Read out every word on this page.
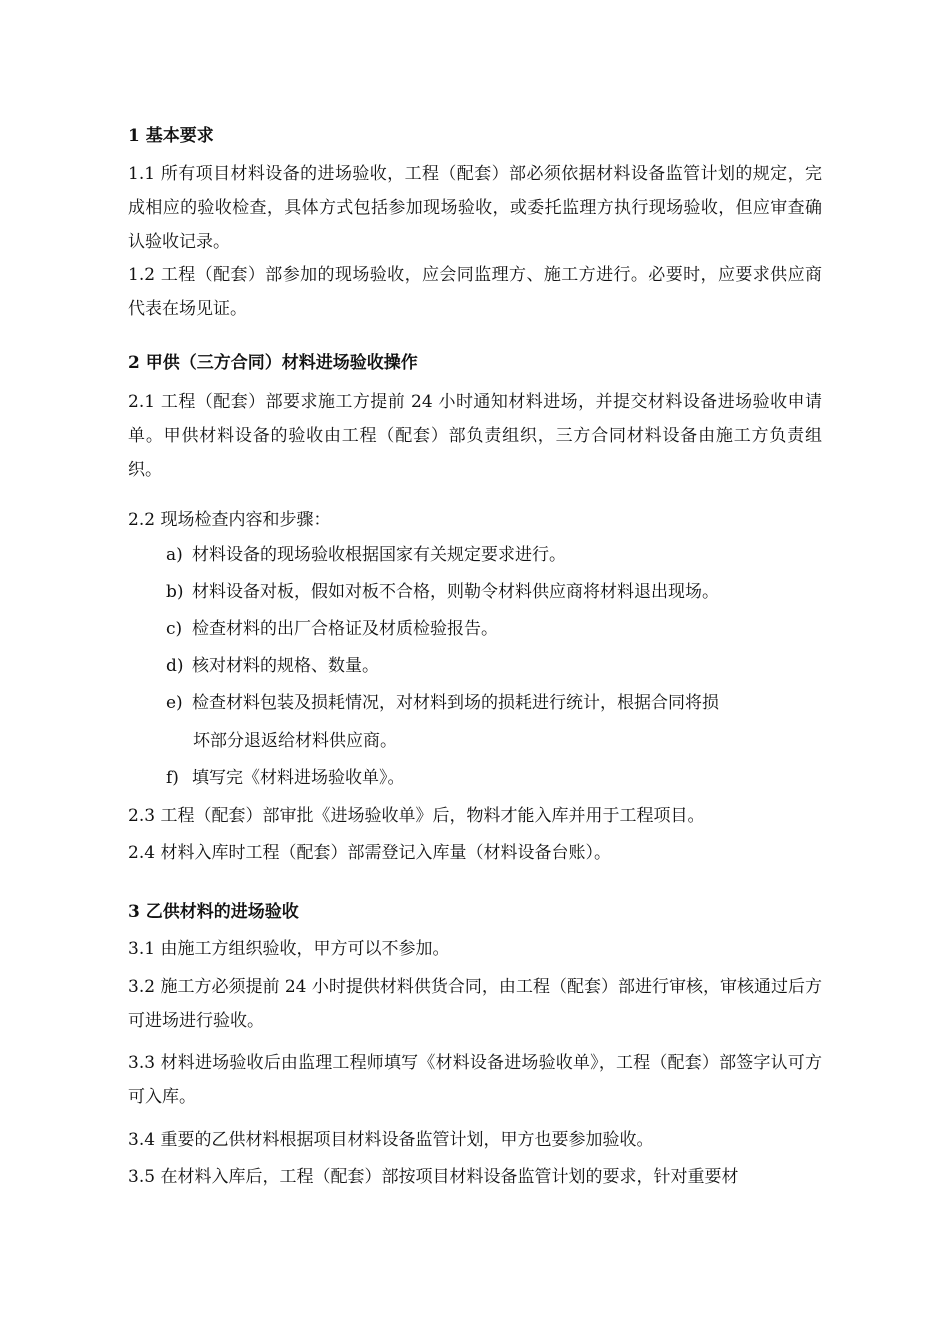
1 基本要求

1.1 所有项目材料设备的进场验收，工程（配套）部必须依据材料设备监管计划的规定，完成相应的验收检查，具体方式包括参加现场验收，或委托监理方执行现场验收，但应审查确认验收记录。

1.2 工程（配套）部参加的现场验收，应会同监理方、施工方进行。必要时，应要求供应商代表在场见证。

2 甲供（三方合同）材料进场验收操作

2.1 工程（配套）部要求施工方提前 24 小时通知材料进场，并提交材料设备进场验收申请单。甲供材料设备的验收由工程（配套）部负责组织，三方合同材料设备由施工方负责组织。

2.2 现场检查内容和步骤：

a) 材料设备的现场验收根据国家有关规定要求进行。
b) 材料设备对板，假如对板不合格，则勒令材料供应商将材料退出现场。
c) 检查材料的出厂合格证及材质检验报告。
d) 核对材料的规格、数量。
e) 检查材料包装及损耗情况，对材料到场的损耗进行统计，根据合同将损
坏部分退返给材料供应商。
f) 填写完《材料进场验收单》。

2.3 工程（配套）部审批《进场验收单》后，物料才能入库并用于工程项目。

2.4 材料入库时工程（配套）部需登记入库量（材料设备台账）。

3 乙供材料的进场验收

3.1 由施工方组织验收，甲方可以不参加。

3.2 施工方必须提前 24 小时提供材料供货合同，由工程（配套）部进行审核，审核通过后方可进场进行验收。

3.3 材料进场验收后由监理工程师填写《材料设备进场验收单》，工程（配套）部签字认可方可入库。

3.4 重要的乙供材料根据项目材料设备监管计划，甲方也要参加验收。

3.5 在材料入库后，工程（配套）部按项目材料设备监管计划的要求，针对重要材
